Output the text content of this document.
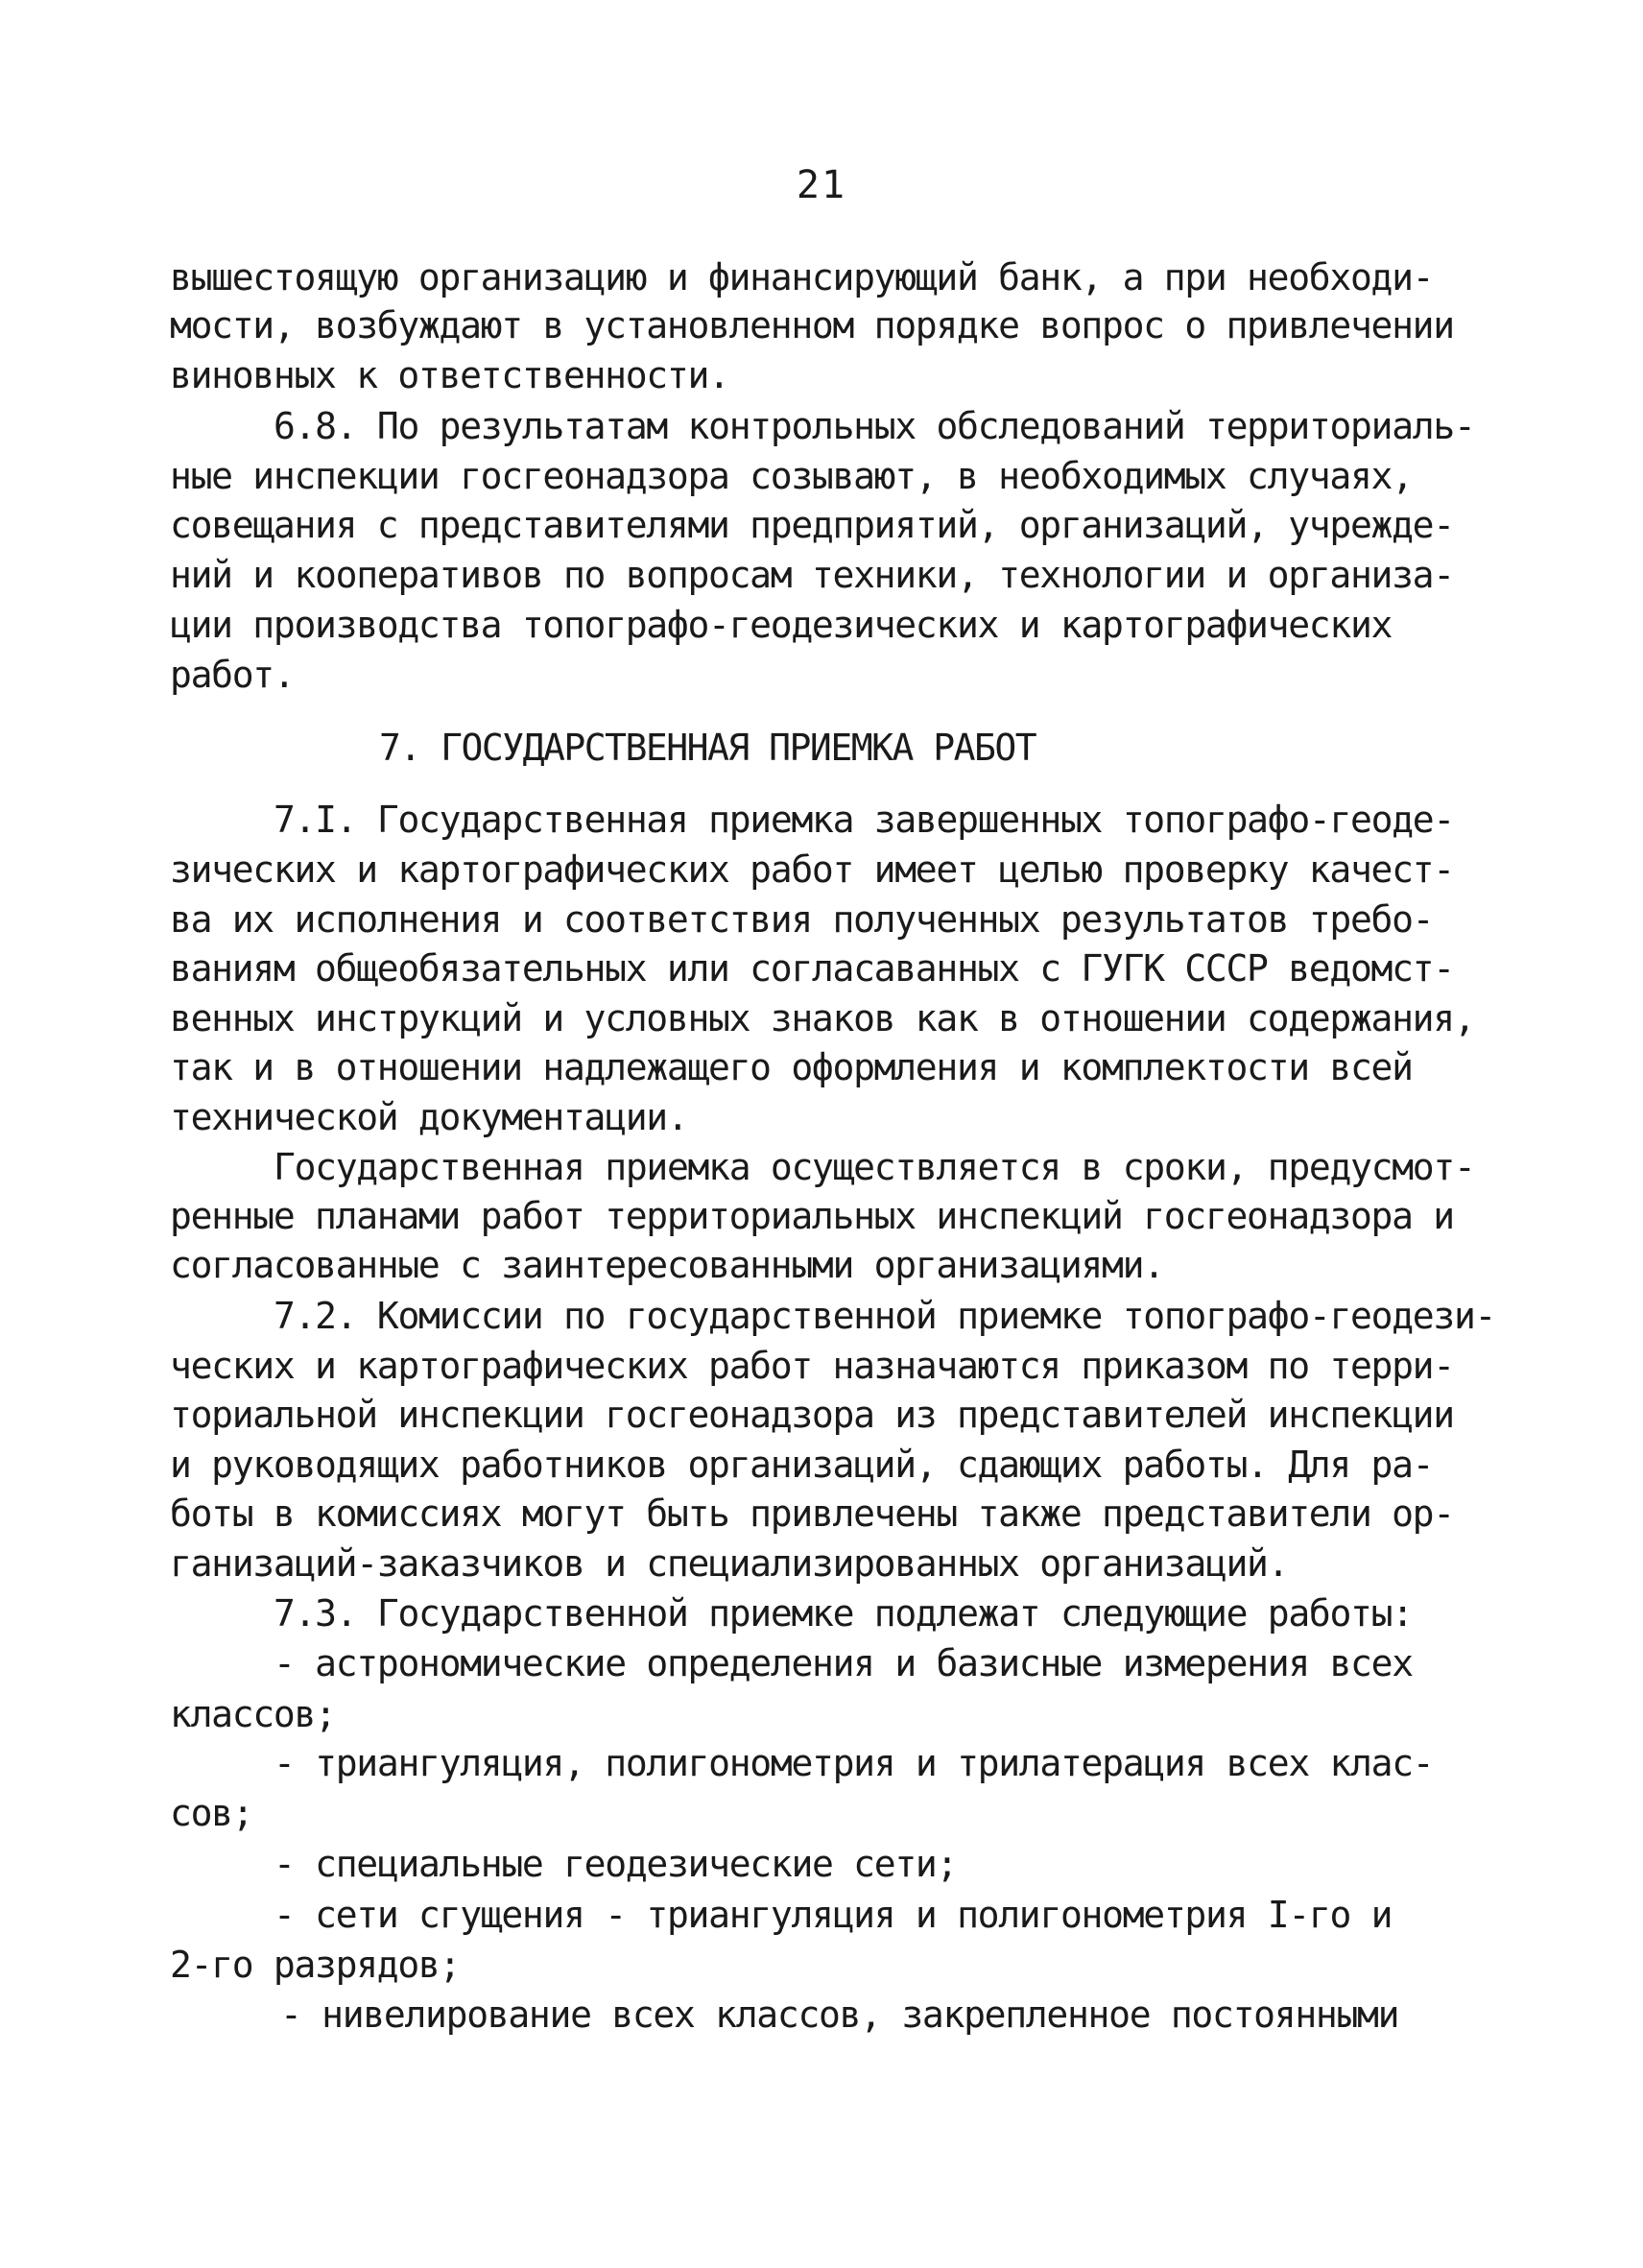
21
вышестоящую организацию и финансирующий банк, а при необходи-
мости, возбуждают в установленном порядке вопрос о привлечении
виновных к ответственности.
6.8. По результатам контрольных обследований территориаль-
ные инспекции госгеонадзора созывают, в необходимых случаях,
совещания с представителями предприятий, организаций, учрежде-
ний и кооперативов по вопросам техники, технологии и организа-
ции производства топографо-геодезических и картографических
работ.
7. ГОСУДАРСТВЕННАЯ ПРИЕМКА РАБОТ
7.I. Государственная приемка завершенных топографо-геоде-
зических и картографических работ имеет целью проверку качест-
ва их исполнения и соответствия полученных результатов требо-
ваниям общеобязательных или согласаванных с ГУГК СССР ведомст-
венных инструкций и условных знаков как в отношении содержания,
так и в отношении надлежащего оформления и комплектости всей
технической документации.
Государственная приемка осуществляется в сроки, предусмот-
ренные планами работ территориальных инспекций госгеонадзора и
согласованные с заинтересованными организациями.
7.2. Комиссии по государственной приемке топографо-геодези-
ческих и картографических работ назначаются приказом по терри-
ториальной инспекции госгеонадзора из представителей инспекции
и руководящих работников организаций, сдающих работы. Для ра-
боты в комиссиях могут быть привлечены также представители ор-
ганизаций-заказчиков и специализированных организаций.
7.3. Государственной приемке подлежат следующие работы:
- астрономические определения и базисные измерения всех
классов;
- триангуляция, полигонометрия и трилатерация всех клас-
сов;
- специальные геодезические сети;
- сети сгущения - триангуляция и полигонометрия I-го и
2-го разрядов;
- нивелирование всех классов, закрепленное постоянными
